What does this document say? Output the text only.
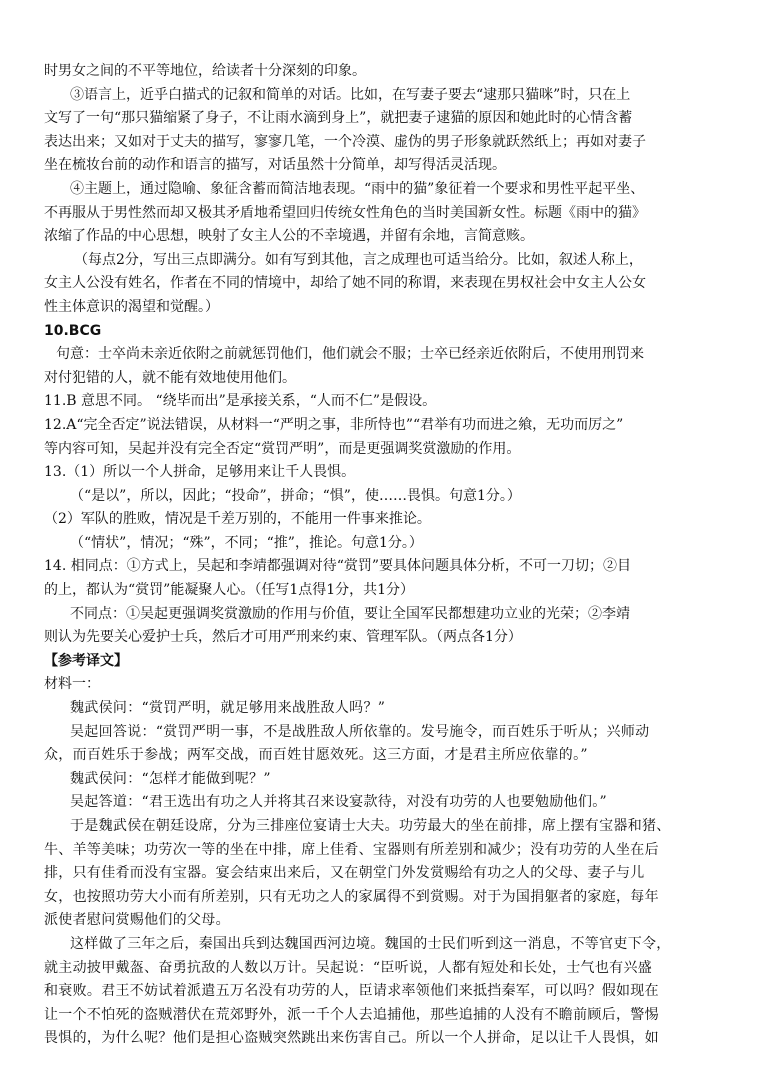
时男女之间的不平等地位，给读者十分深刻的印象。
③语言上，近乎白描式的记叙和简单的对话。比如，在写妻子要去“逮那只猫咪”时，只在上
文写了一句“那只猫缩紧了身子，不让雨水滴到身上”，就把妻子逮猫的原因和她此时的心情含蓄
表达出来；又如对于丈夫的描写，寥寥几笔，一个冷漠、虚伪的男子形象就跃然纸上；再如对妻子
坐在梳妆台前的动作和语言的描写，对话虽然十分简单，却写得活灵活现。
④主题上，通过隐喻、象征含蓄而简洁地表现。“雨中的猫”象征着一个要求和男性平起平坐、
不再服从于男性然而却又极其矛盾地希望回归传统女性角色的当时美国新女性。标题《雨中的猫》
浓缩了作品的中心思想，映射了女主人公的不幸境遇，并留有余地，言简意赅。
（每点2分，写出三点即满分。如有写到其他，言之成理也可适当给分。比如，叙述人称上，
女主人公没有姓名，作者在不同的情境中，却给了她不同的称谓，来表现在男权社会中女主人公女
性主体意识的渴望和觉醒。）
10.BCG
句意：士卒尚未亲近依附之前就惩罚他们，他们就会不服；士卒已经亲近依附后，不使用刑罚来
对付犯错的人，就不能有效地使用他们。
11.B 意思不同。 “绕毕而出”是承接关系，“人而不仁”是假设。
12.A“完全否定”说法错误，从材料一“严明之事，非所恃也”“君举有功而进之飨，无功而厉之”
等内容可知，吴起并没有完全否定“赏罚严明”，而是更强调奖赏激励的作用。
13.（1）所以一个人拼命，足够用来让千人畏惧。
（“是以”，所以，因此；“投命”，拼命；“惧”，使……畏惧。句意1分。）
（2）军队的胜败，情况是千差万别的，不能用一件事来推论。
（“情状”，情况；“殊”，不同；“推”，推论。句意1分。）
14. 相同点：①方式上，吴起和李靖都强调对待“赏罚”要具体问题具体分析，不可一刀切；②目
的上，都认为“赏罚”能凝聚人心。（任写1点得1分，共1分）
不同点：①吴起更强调奖赏激励的作用与价值，要让全国军民都想建功立业的光荣；②李靖
则认为先要关心爱护士兵，然后才可用严刑来约束、管理军队。（两点各1分）
【参考译文】
材料一：
魏武侯问：“赏罚严明，就足够用来战胜敌人吗？”
吴起回答说：“赏罚严明一事，不是战胜敌人所依靠的。发号施令，而百姓乐于听从；兴师动
众，而百姓乐于参战；两军交战，而百姓甘愿效死。这三方面，才是君主所应依靠的。”
魏武侯问：“怎样才能做到呢？”
吴起答道：“君王选出有功之人并将其召来设宴款待，对没有功劳的人也要勉励他们。”
于是魏武侯在朝廷设席，分为三排座位宴请士大夫。功劳最大的坐在前排，席上摆有宝器和猪、
牛、羊等美味；功劳次一等的坐在中排，席上佳肴、宝器则有所差别和减少；没有功劳的人坐在后
排，只有佳肴而没有宝器。宴会结束出来后，又在朝堂门外发赏赐给有功之人的父母、妻子与儿
女，也按照功劳大小而有所差别，只有无功之人的家属得不到赏赐。对于为国捐躯者的家庭，每年
派使者慰问赏赐他们的父母。
这样做了三年之后，秦国出兵到达魏国西河边境。魏国的士民们听到这一消息，不等官吏下令，
就主动披甲戴盔、奋勇抗敌的人数以万计。吴起说：“臣听说，人都有短处和长处，士气也有兴盛
和衰败。君王不妨试着派遣五万名没有功劳的人，臣请求率领他们来抵挡秦军，可以吗？假如现在
让一个不怕死的盗贼潜伏在荒郊野外，派一千个人去追捕他，那些追捕的人没有不瞻前顾后，警惕
畏惧的，为什么呢？他们是担心盗贼突然跳出来伤害自己。所以一个人拼命，足以让千人畏惧，如
